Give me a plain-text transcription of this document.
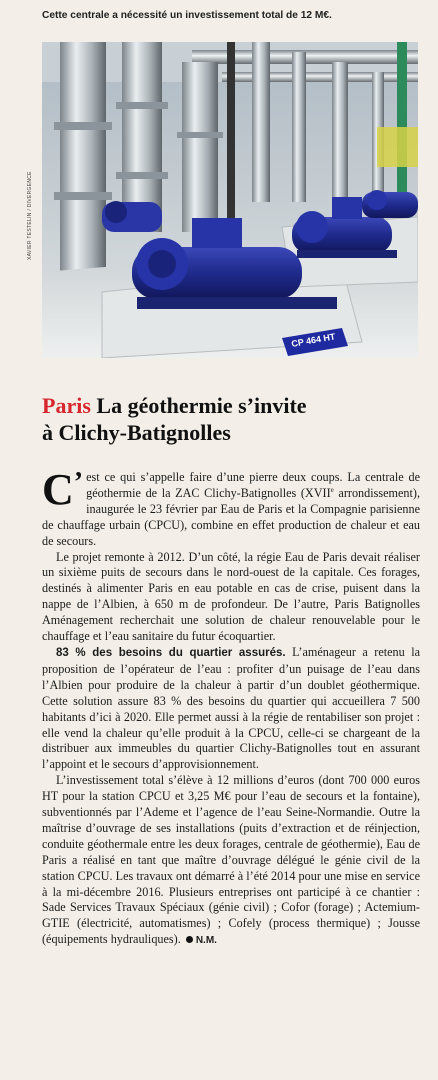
Cette centrale a nécessité un investissement total de 12 M€.
XAVIER TESTELIN / DIVERGENCE
CP 464 HT
Paris La géothermie s’invite
à Clichy-Batignolles

C’ est ce qui s’appelle faire d’une pierre deux coups. La centrale de géothermie de la ZAC Clichy-Batignolles (XVIIe arrondissement), inaugurée le 23 février par Eau de Paris et la Compagnie parisienne de chauffage urbain (CPCU), combine en effet production de chaleur et eau de secours.

Le projet remonte à 2012. D’un côté, la régie Eau de Paris devait réaliser un sixième puits de secours dans le nord-ouest de la capitale. Ces forages, destinés à alimenter Paris en eau potable en cas de crise, puisent dans la nappe de l’Albien, à 650 m de profondeur. De l’autre, Paris Batignolles Aménagement recherchait une solution de chaleur renouvelable pour le chauffage et l’eau sanitaire du futur écoquartier.

83 % des besoins du quartier assurés. L’aménageur a retenu la proposition de l’opérateur de l’eau : profiter d’un puisage de l’eau dans l’Albien pour produire de la chaleur à partir d’un doublet géothermique. Cette solution assure 83 % des besoins du quartier qui accueillera 7 500 habitants d’ici à 2020. Elle permet aussi à la régie de rentabiliser son projet : elle vend la chaleur qu’elle produit à la CPCU, celle-ci se chargeant de la distribuer aux immeubles du quartier Clichy-Batignolles tout en assurant l’appoint et le secours d’approvisionnement.

L’investissement total s’élève à 12 millions d’euros (dont 700 000 euros HT pour la station CPCU et 3,25 M€ pour l’eau de secours et la fontaine), subventionnés par l’Ademe et l’agence de l’eau Seine-Normandie. Outre la maîtrise d’ouvrage de ses installations (puits d’extraction et de réinjection, conduite géothermale entre les deux forages, centrale de géothermie), Eau de Paris a réalisé en tant que maître d’ouvrage délégué le génie civil de la station CPCU. Les travaux ont démarré à l’été 2014 pour une mise en service à la mi-décembre 2016. Plusieurs entreprises ont participé à ce chantier : Sade Services Travaux Spéciaux (génie civil) ; Cofor (forage) ; Actemium-GTIE (électricité, automatismes) ; Cofely (process thermique) ; Jousse (équipements hydrauliques). N.M.
